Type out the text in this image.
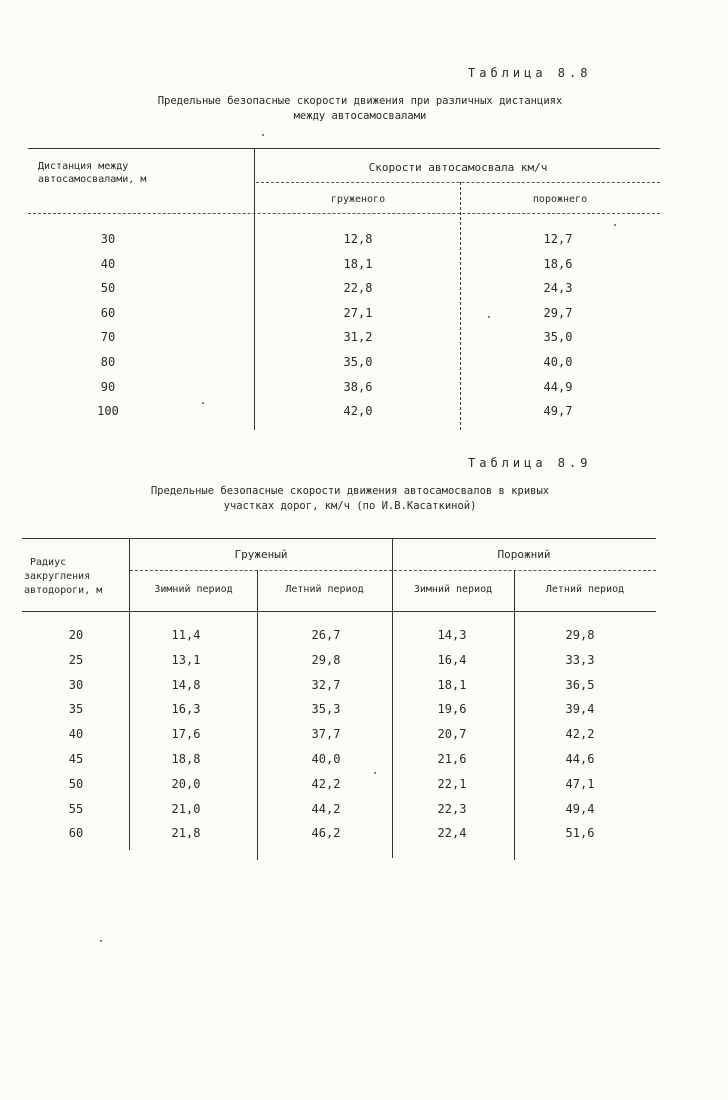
Таблица 8.8
Предельные безопасные скорости движения при различных дистанциях
между автосамосвалами
Дистанция между
автосамосвалами, м
Скорости автосамосвала км/ч
груженого	порожнего
30	12,8	12,7
40	18,1	18,6
50	22,8	24,3
60	27,1	29,7
70	31,2	35,0
80	35,0	40,0
90	38,6	44,9
100	42,0	49,7
Таблица 8.9
Предельные безопасные скорости движения автосамосвалов в кривых
участках дорог, км/ч (по И.В.Каcаткиной)
Радиус
закругления
автодороги, м
Груженый	Порожний
Зимний период	Летний период	Зимний период	Летний период
20	11,4	26,7	14,3	29,8
25	13,1	29,8	16,4	33,3
30	14,8	32,7	18,1	36,5
35	16,3	35,3	19,6	39,4
40	17,6	37,7	20,7	42,2
45	18,8	40,0	21,6	44,6
50	20,0	42,2	22,1	47,1
55	21,0	44,2	22,3	49,4
60	21,8	46,2	22,4	51,6
